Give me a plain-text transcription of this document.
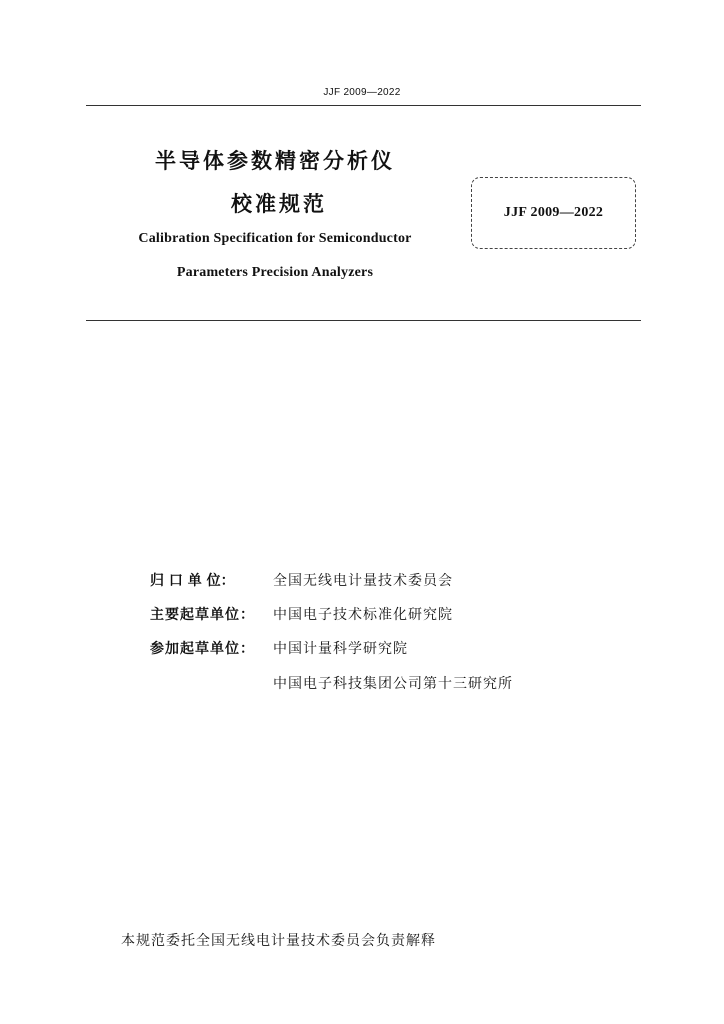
JJF 2009—2022
半导体参数精密分析仪
校准规范
Calibration Specification for Semiconductor
Parameters Precision Analyzers
JJF 2009—2022
归 口 单 位：	全国无线电计量技术委员会
主要起草单位： 中国电子技术标准化研究院
参加起草单位： 中国计量科学研究院
中国电子科技集团公司第十三研究所
本规范委托全国无线电计量技术委员会负责解释
